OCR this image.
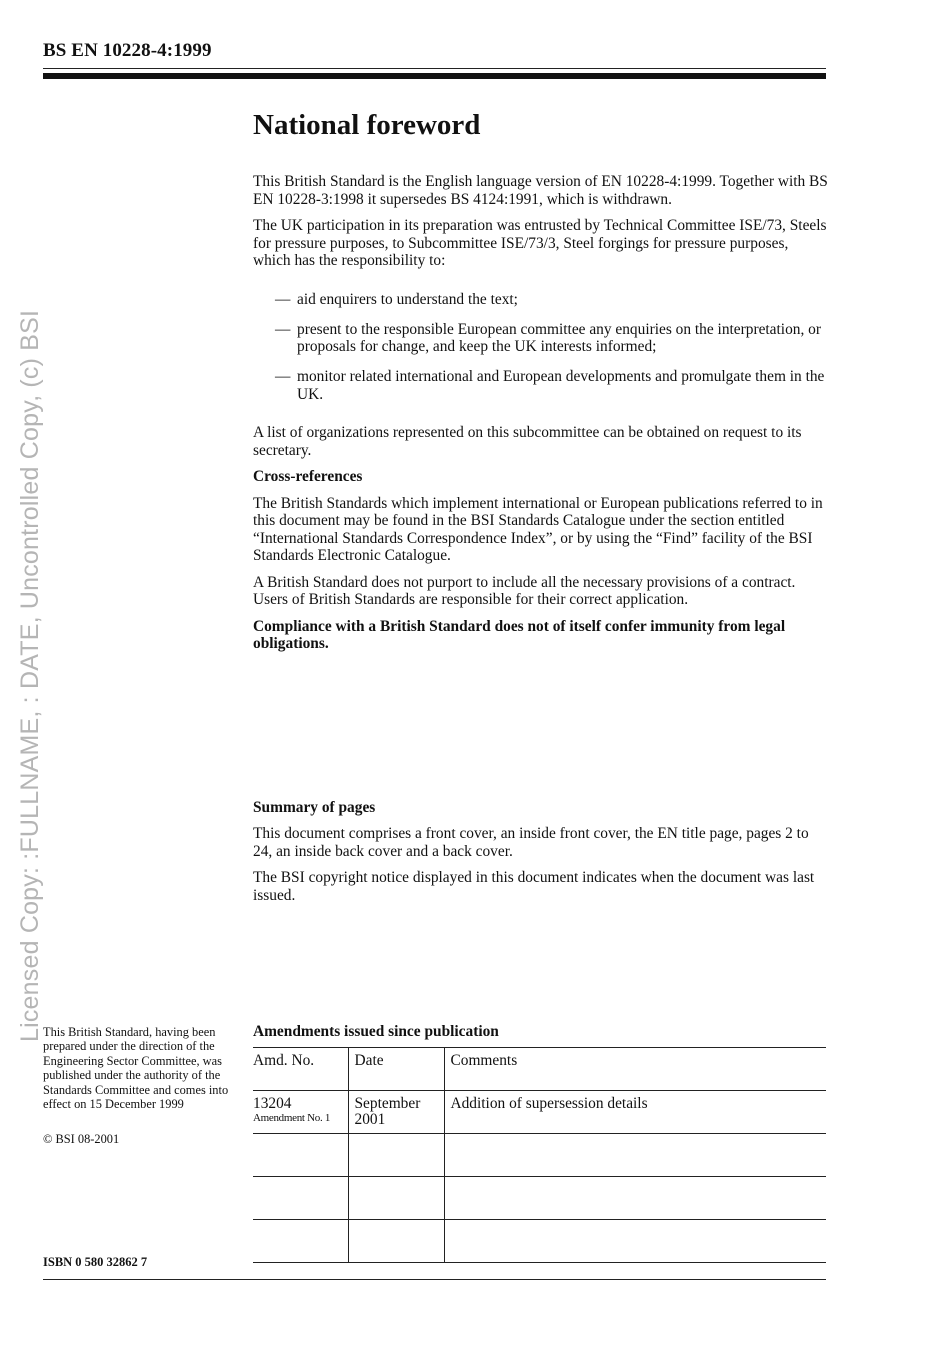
BS EN 10228-4:1999
Licensed Copy: :FULLNAME, : DATE, Uncontrolled Copy, (c) BSI
National foreword

This British Standard is the English language version of EN 10228-4:1999. Together with BS EN 10228-3:1998 it supersedes BS 4124:1991, which is withdrawn.

The UK participation in its preparation was entrusted by Technical Committee ISE/73, Steels for pressure purposes, to Subcommittee ISE/73/3, Steel forgings for pressure purposes, which has the responsibility to:

— aid enquirers to understand the text;
— present to the responsible European committee any enquiries on the interpretation, or proposals for change, and keep the UK interests informed;
— monitor related international and European developments and promulgate them in the UK.

A list of organizations represented on this subcommittee can be obtained on request to its secretary.

Cross-references

The British Standards which implement international or European publications referred to in this document may be found in the BSI Standards Catalogue under the section entitled “International Standards Correspondence Index”, or by using the “Find” facility of the BSI Standards Electronic Catalogue.

A British Standard does not purport to include all the necessary provisions of a contract. Users of British Standards are responsible for their correct application.

Compliance with a British Standard does not of itself confer immunity from legal obligations.

Summary of pages

This document comprises a front cover, an inside front cover, the EN title page, pages 2 to 24, an inside back cover and a back cover.

The BSI copyright notice displayed in this document indicates when the document was last issued.

This British Standard, having been prepared under the direction of the Engineering Sector Committee, was published under the authority of the Standards Committee and comes into effect on 15 December 1999
© BSI 08-2001
ISBN 0 580 32862 7
Amendments issued since publication
Amd. No.	Date	Comments
13204
Amendment No. 1	September 2001	Addition of supersession details
